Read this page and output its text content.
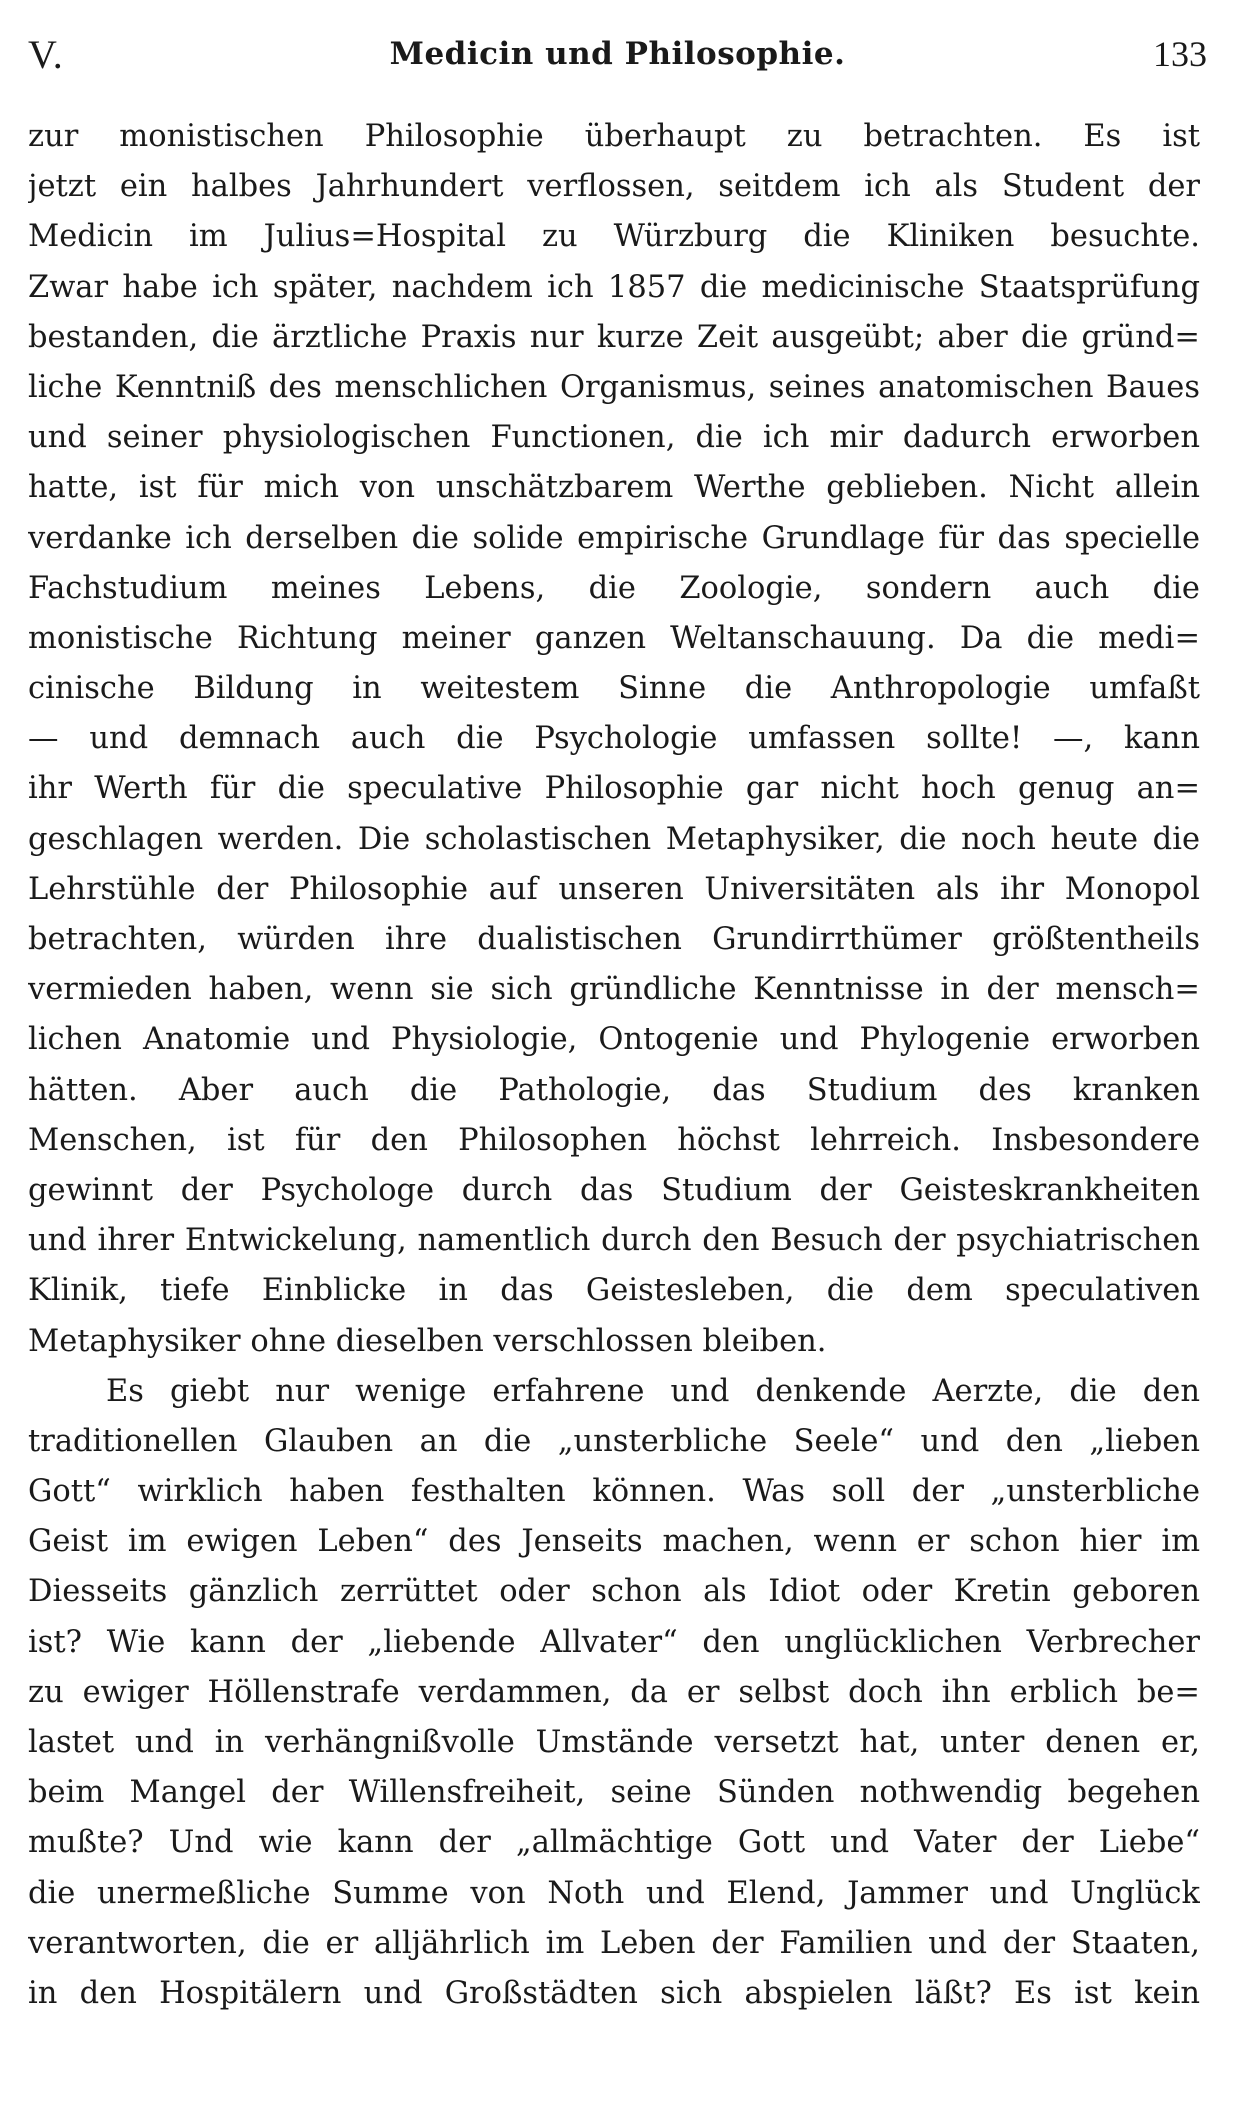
V.	Medicin und Philosophie.	133
zur monistischen Philosophie überhaupt zu betrachten. Es ist
jetzt ein halbes Jahrhundert verflossen, seitdem ich als Student der
Medicin im Julius=Hospital zu Würzburg die Kliniken besuchte.
Zwar habe ich später, nachdem ich 1857 die medicinische Staatsprüfung
bestanden, die ärztliche Praxis nur kurze Zeit ausgeübt; aber die gründ=
liche Kenntniß des menschlichen Organismus, seines anatomischen Baues
und seiner physiologischen Functionen, die ich mir dadurch erworben
hatte, ist für mich von unschätzbarem Werthe geblieben. Nicht allein
verdanke ich derselben die solide empirische Grundlage für das specielle
Fachstudium meines Lebens, die Zoologie, sondern auch die
monistische Richtung meiner ganzen Weltanschauung. Da die medi=
cinische Bildung in weitestem Sinne die Anthropologie umfaßt
— und demnach auch die Psychologie umfassen sollte! —, kann
ihr Werth für die speculative Philosophie gar nicht hoch genug an=
geschlagen werden. Die scholastischen Metaphysiker, die noch heute die
Lehrstühle der Philosophie auf unseren Universitäten als ihr Monopol
betrachten, würden ihre dualistischen Grundirrthümer größtentheils
vermieden haben, wenn sie sich gründliche Kenntnisse in der mensch=
lichen Anatomie und Physiologie, Ontogenie und Phylogenie erworben
hätten. Aber auch die Pathologie, das Studium des kranken
Menschen, ist für den Philosophen höchst lehrreich. Insbesondere
gewinnt der Psychologe durch das Studium der Geisteskrankheiten
und ihrer Entwickelung, namentlich durch den Besuch der psychiatrischen
Klinik, tiefe Einblicke in das Geistesleben, die dem speculativen
Metaphysiker ohne dieselben verschlossen bleiben.
Es giebt nur wenige erfahrene und denkende Aerzte, die den
traditionellen Glauben an die „unsterbliche Seele“ und den „lieben
Gott“ wirklich haben festhalten können. Was soll der „unsterbliche
Geist im ewigen Leben“ des Jenseits machen, wenn er schon hier im
Diesseits gänzlich zerrüttet oder schon als Idiot oder Kretin geboren
ist? Wie kann der „liebende Allvater“ den unglücklichen Verbrecher
zu ewiger Höllenstrafe verdammen, da er selbst doch ihn erblich be=
lastet und in verhängnißvolle Umstände versetzt hat, unter denen er,
beim Mangel der Willensfreiheit, seine Sünden nothwendig begehen
mußte? Und wie kann der „allmächtige Gott und Vater der Liebe“
die unermeßliche Summe von Noth und Elend, Jammer und Unglück
verantworten, die er alljährlich im Leben der Familien und der Staaten,
in den Hospitälern und Großstädten sich abspielen läßt? Es ist kein
